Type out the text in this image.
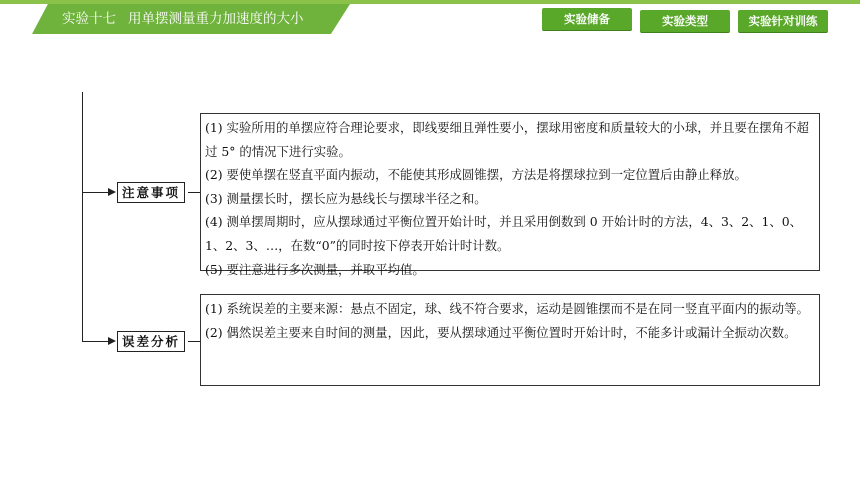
实验十七 用单摆测量重力加速度的大小	实验储备	实验类型	实验针对训练
注意事项

(1) 实验所用的单摆应符合理论要求，即线要细且弹性要小，摆球用密度和质量较大的小球，并且要在摆角不超过 5° 的情况下进行实验。

(2) 要使单摆在竖直平面内振动，不能使其形成圆锥摆，方法是将摆球拉到一定位置后由静止释放。

(3) 测量摆长时，摆长应为悬线长与摆球半径之和。

(4) 测单摆周期时，应从摆球通过平衡位置开始计时，并且采用倒数到 0 开始计时的方法，4、3、2、1、0、1、2、3、…，在数“0”的同时按下停表开始计时计数。

(5) 要注意进行多次测量，并取平均值。

误差分析

(1) 系统误差的主要来源：悬点不固定，球、线不符合要求，运动是圆锥摆而不是在同一竖直平面内的振动等。

(2) 偶然误差主要来自时间的测量，因此，要从摆球通过平衡位置时开始计时，不能多计或漏计全振动次数。
